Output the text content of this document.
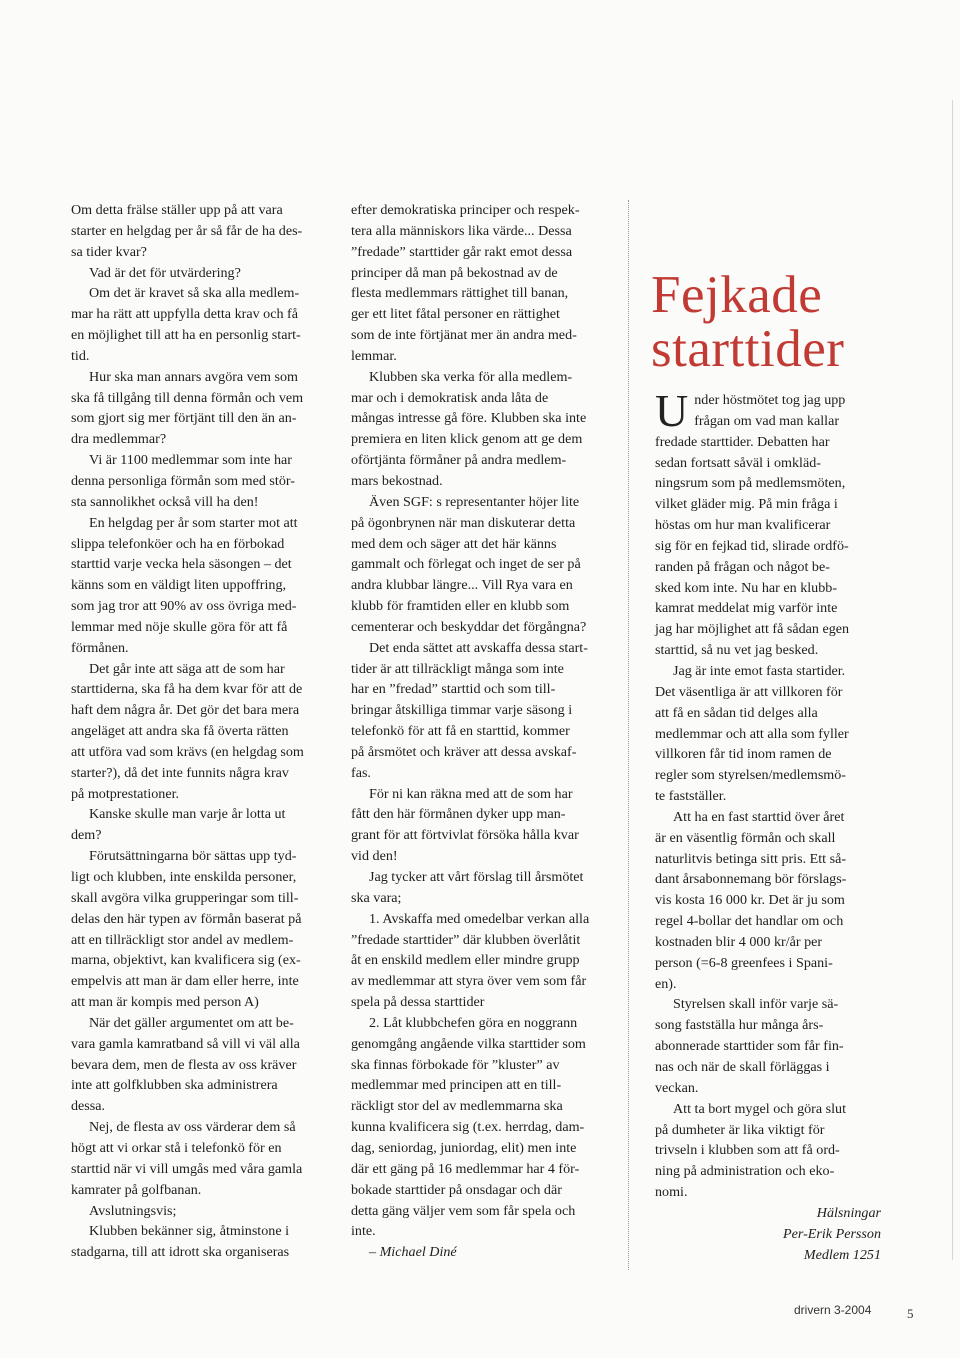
Om detta frälse ställer upp på att vara
starter en helgdag per år så får de ha des-
sa tider kvar?
Vad är det för utvärdering?
Om det är kravet så ska alla medlem-
mar ha rätt att uppfylla detta krav och få
en möjlighet till att ha en personlig start-
tid.
Hur ska man annars avgöra vem som
ska få tillgång till denna förmån och vem
som gjort sig mer förtjänt till den än an-
dra medlemmar?
Vi är 1100 medlemmar som inte har
denna personliga förmån som med stör-
sta sannolikhet också vill ha den!
En helgdag per år som starter mot att
slippa telefonköer och ha en förbokad
starttid varje vecka hela säsongen – det
känns som en väldigt liten uppoffring,
som jag tror att 90% av oss övriga med-
lemmar med nöje skulle göra för att få
förmånen.
Det går inte att säga att de som har
starttiderna, ska få ha dem kvar för att de
haft dem några år. Det gör det bara mera
angeläget att andra ska få överta rätten
att utföra vad som krävs (en helgdag som
starter?), då det inte funnits några krav
på motprestationer.
Kanske skulle man varje år lotta ut
dem?
Förutsättningarna bör sättas upp tyd-
ligt och klubben, inte enskilda personer,
skall avgöra vilka grupperingar som till-
delas den här typen av förmån baserat på
att en tillräckligt stor andel av medlem-
marna, objektivt, kan kvalificera sig (ex-
empelvis att man är dam eller herre, inte
att man är kompis med person A)
När det gäller argumentet om att be-
vara gamla kamratband så vill vi väl alla
bevara dem, men de flesta av oss kräver
inte att golfklubben ska administrera
dessa.
Nej, de flesta av oss värderar dem så
högt att vi orkar stå i telefonkö för en
starttid när vi vill umgås med våra gamla
kamrater på golfbanan.
Avslutningsvis;
Klubben bekänner sig, åtminstone i
stadgarna, till att idrott ska organiseras
efter demokratiska principer och respek-
tera alla människors lika värde... Dessa
”fredade” starttider går rakt emot dessa
principer då man på bekostnad av de
flesta medlemmars rättighet till banan,
ger ett litet fåtal personer en rättighet
som de inte förtjänat mer än andra med-
lemmar.
Klubben ska verka för alla medlem-
mar och i demokratisk anda låta de
mångas intresse gå före. Klubben ska inte
premiera en liten klick genom att ge dem
oförtjänta förmåner på andra medlem-
mars bekostnad.
Även SGF: s representanter höjer lite
på ögonbrynen när man diskuterar detta
med dem och säger att det här känns
gammalt och förlegat och inget de ser på
andra klubbar längre... Vill Rya vara en
klubb för framtiden eller en klubb som
cementerar och beskyddar det förgångna?
Det enda sättet att avskaffa dessa start-
tider är att tillräckligt många som inte
har en ”fredad” starttid och som till-
bringar åtskilliga timmar varje säsong i
telefonkö för att få en starttid, kommer
på årsmötet och kräver att dessa avskaf-
fas.
För ni kan räkna med att de som har
fått den här förmånen dyker upp man-
grant för att förtvivlat försöka hålla kvar
vid den!
Jag tycker att vårt förslag till årsmötet
ska vara;
1. Avskaffa med omedelbar verkan alla
”fredade starttider” där klubben överlåtit
åt en enskild medlem eller mindre grupp
av medlemmar att styra över vem som får
spela på dessa starttider
2. Låt klubbchefen göra en noggrann
genomgång angående vilka starttider som
ska finnas förbokade för ”kluster” av
medlemmar med principen att en till-
räckligt stor del av medlemmarna ska
kunna kvalificera sig (t.ex. herrdag, dam-
dag, seniordag, juniordag, elit) men inte
där ett gäng på 16 medlemmar har 4 för-
bokade starttider på onsdagar och där
detta gäng väljer vem som får spela och
inte.
– Michael Diné
Fejkade
starttider
U nder höstmötet tog jag upp
frågan om vad man kallar
fredade starttider. Debatten har
sedan fortsatt såväl i omkläd-
ningsrum som på medlemsmöten,
vilket gläder mig. På min fråga i
höstas om hur man kvalificerar
sig för en fejkad tid, slirade ordfö-
randen på frågan och något be-
sked kom inte. Nu har en klubb-
kamrat meddelat mig varför inte
jag har möjlighet att få sådan egen
starttid, så nu vet jag besked.
Jag är inte emot fasta startider.
Det väsentliga är att villkoren för
att få en sådan tid delges alla
medlemmar och att alla som fyller
villkoren får tid inom ramen de
regler som styrelsen/medlemsmö-
te fastställer.
Att ha en fast starttid över året
är en väsentlig förmån och skall
naturlitvis betinga sitt pris. Ett så-
dant årsabonnemang bör förslags-
vis kosta 16 000 kr. Det är ju som
regel 4-bollar det handlar om och
kostnaden blir 4 000 kr/år per
person (=6-8 greenfees i Spani-
en).
Styrelsen skall inför varje sä-
song fastställa hur många års-
abonnerade starttider som får fin-
nas och när de skall förläggas i
veckan.
Att ta bort mygel och göra slut
på dumheter är lika viktigt för
trivseln i klubben som att få ord-
ning på administration och eko-
nomi.
Hälsningar
Per-Erik Persson
Medlem 1251
drivern 3-2004	5
